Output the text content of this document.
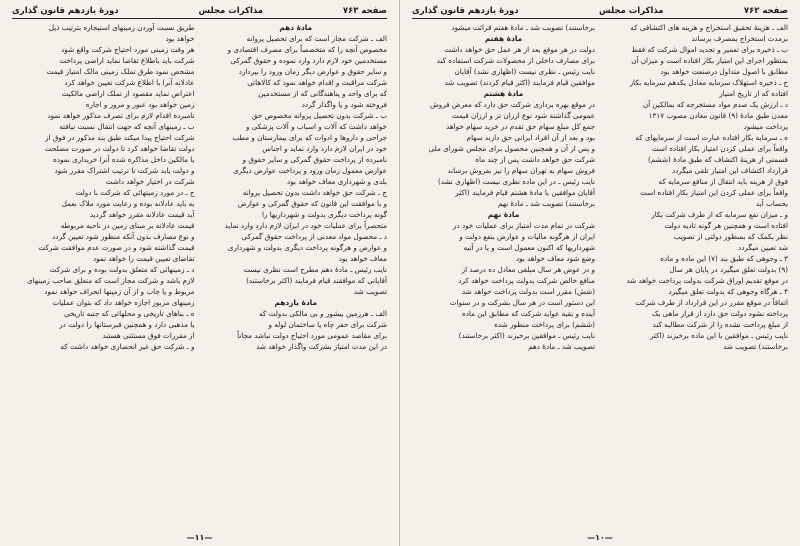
صفحه ۷۶۳
مذاکرات مجلس
دورهٔ یازدهم قانون گذاری
مادهٔ دهم
الف ـ شرکت مجاز است که برای تحصیل پروانه
مخصوص آنچه را که متخصصاً برای مصرف اقتصادی و
مستخدمین خود لازم دارد وارد نموده و حقوق گمرکی
و سایر حقوق و عوارض دیگر زمان ورود را بپردازد
شرکت مراقبت و اقدام خواهد نمود که کالاهائی
که برای واحد و پناهندگانی که از مستخدمین
فروخته شود و یا واگذار گردد
ب ـ شرکت بدون تحصیل پروانه مخصوص حق
خواهد داشت که آلات و اسباب و آلات پزشکی و
جراحی و داروها و ادوات که برای بیمارستان و مطب
خود در ایران لازم دارد وارد نماید و اجناس
نامبرده از پرداخت حقوق گمرکی و سایر حقوق و
عوارض معمول زمان ورود و پرداخت عوارض دیگری
بلدی و شهرداری معاف خواهد بود
ج ـ شرکت حق خواهد داشت بدون تحصیل پروانه
و با موافقت این قانون که حقوق گمرکی و عوارض
گونه پرداخت دیگری بدولت و شهرداریها را
متحصراً برای عملیات خود در ایران لازم دارد وارد نماید
د ـ محصول مواد معدنی از پرداخت حقوق گمرکی
و عوارض و هرگونه پرداخت دیگری بدولت و شهرداری
معاف خواهد بود
نایب رئیس ـ مادهٔ دهم مطرح است نظری نیست
آقایانی که موافقند قیام فرمایند (اکثر برخاستند)
تصویب شد
مادهٔ یازدهم
الف ـ هرزمین بیشور و بی مالکی بدولت که
شرکت برای حفر چاه یا ساختمان لوله و
برای مقاصد عمومی مورد احتیاج دولت نباشد مجاناً
در این مدت امتیاز بشرکت واگذار خواهد شد
طریق نسبت آوردن زمینهای استیجاره بترتیب ذیل
خواهد بود
هر وقت زمینی مورد احتیاج شرکت واقع شود
شرکت باید باطلاع تقاضا نماید اراضی پرداخت
مشخص نمود طرق تملک زمینی مالک امتیاز قیمت
عادلانه آنرا با اطلاع شرکت تعیین خواهد کرد
اعتراض نماید مقصود از تملک اراضی مالکیت
زمین خواهد بود عبور و مرور و اجاره
نامبرده اقدام لازم برای تصرف مذکور خواهد نمود
ب ـ زمینهای آنچه که جهت انتقال نسبت نیافته
شرکت احتیاج پیدا میکند طبق بند مذکور در فوق از
دولت تقاضا خواهد کرد تا دولت در صورت مصلحت
با مالکین داخل مذاکره شده آنرا خریداری نموده
و دولت یابد شرکت تا ترتیب اشتراک مقرر شود
شرکت در اختیار خواهد داشت
ج ـ در مورد زمینهائی که شرکت با دولت
به باید عادلانه بوده و رعایت مورد ملاک بعمل
آید قیمت عادلانه مقرر خواهد گردید
قیمت عادلانه بر مبنای زمین در ناحیه مربوطه
و نوع مصارف بدون آنکه منظور شود تعیین گردد
قیمت گذاشته شود و در صورت عدم موافقت شرکت
تقاضای تعیین قیمت را خواهد نمود
د ـ زمینهائی که متعلق بدولت بوده و برای شرکت
لازم باشد و شرکت مجاز است که متعلق صاحب زمینهای
مربوط و یا جاب و از آن زمینها انحراف خواهد نمود
زمینهای مزبور اجازه خواهد داد که بتوان عملیات
ه ـ بناهای تاریخی و محلهائی که جنبه تاریخی
یا مذهبی دارد و همچنین قبرستانها را دولت در
از مقررات فوق مستثنی هستند
و ـ شرکت حق غیر انحصاری خواهد داشت که
—۱۱—
صفحه ۷۶۲
مذاکرات مجلس
دورهٔ یازدهم قانون گذاری
الف ـ هزینهٔ تحقیق استخراج و هزینه های اکتشافی که
برمدت استخراج بمصرف برساند
ب ـ ذخیره برای تعمیر و تجدید اموال شرکت که فقط
بمنظور اجرای این امتیاز بکار افتاده است و میزان آن
مطابق با اصول متداول درصنعت خواهد بود
ج ـ ذخیره استهلاک سرمایه معادل یکدهم سرمایه بکار
افتاده که از تاریخ امتیاز
د ـ ارزش یک صدم مواد مستخرجه که بمالکین آن
معدن طبق مادهٔ (۹) قانون معادن مصوب ۱۳۱۷
پرداخت میشود
ه ـ سرمایه بکار افتاده عبارت است از سرمایهای که
واقعاً برای عملی کردن امتیاز بکار افتاده است
قسمتی از هزینهٔ اکتشاف که طبق مادهٔ (ششم)
قرارداد اکتشاف این امتیاز تلقی میگردد
فوق از هزینه باید انتقال از منافع سرمایه که
واقعاً برای عملی کردن این امتیاز بکار افتاده است
بحساب آید
و ـ میزان نفع سرمایه که از طرف شرکت بکار
افتاده است و همچنین هر گونه تادیه دولت
نظر بکمک که بمنظور دولتی از تصویب
شد تعیین میگردد
۳ ـ وجوهی که طبق بند (۷) این ماده و ماده
(۹) بدولت تعلق میگیرد در پایان هر سال
در موقع تقدیم اوراق شرکت بدولت پرداخت خواهد شد
۴ ـ هرگاه وجوهی که بدولت تعلق میگیرد
اتفاقاً در موقع مقرر در این قرارداد از طرف شرکت
پرداخته نشود دولت حق دارد از قرار ماهی یک
از مبلغ پرداخت نشده را از شرکت مطالبه کند
نایب رئیس ـ موافقین با این ماده برخیزند (اکثر
برخاستند) تصویب شد
برخاستند) تصویب شد ـ مادهٔ هفتم قرائت میشود
مادهٔ هفتم
دولت در هر موقع بعد از هر عمل حق خواهد داشت
برای مصارف داخلی از محصولات شرکت استفاده کند
نایب رئیس ـ نظری نیست (اظهاری نشد) آقایان
موافقین قیام فرمایند (اکثر قیام کردند) تصویب شد
مادهٔ هشتم
در موقع بهره برداری شرکت حق دارد که معرض فروش
عمومی گذاشته شود نوع ارزان تر و ارزان قیمت
جمع کل مبلغ سهام حق تقدم در خرید سهام خواهد
بود و بعد از آن افراد ایرانی حق دارند سهام
و پس از آن و همچنین محصول برای مجلس شورای ملی
شرکت حق خواهد داشت پس از چند ماه
فروش سهام به تهران سهام را نیز بفروش برساند
نایب رئیس ـ در این ماده نظری نیست (اظهاری نشد)
آقایان موافقین با مادهٔ هشتم قیام فرمایند (اکثر
برخاستند) تصویب شد ـ مادهٔ نهم
مادهٔ نهم
شرکت در تمام مدت امتیاز برای عملیات خود در
ایران از هرگونه مالیات و عوارض بنفع دولت و
شهرداریها که اکنون معمول است و یا در آتیه
وضع شود معاف خواهد بود
و در عوض هر سال مبلغی معادل ده درصد از
منافع خالص شرکت بدولت پرداخت خواهد کرد
(شش) مقرر است بدولت پرداخت خواهد شد
این دستور است در هر سال بشرکت و در سنوات
آینده و بقیه عواید شرکت که مطابق این ماده
(ششم) برای پرداخت منظور شده
نایب رئیس ـ موافقین برخیزند (اکثر برخاستند)
تصویب شد ـ مادهٔ دهم
—۱۰—
